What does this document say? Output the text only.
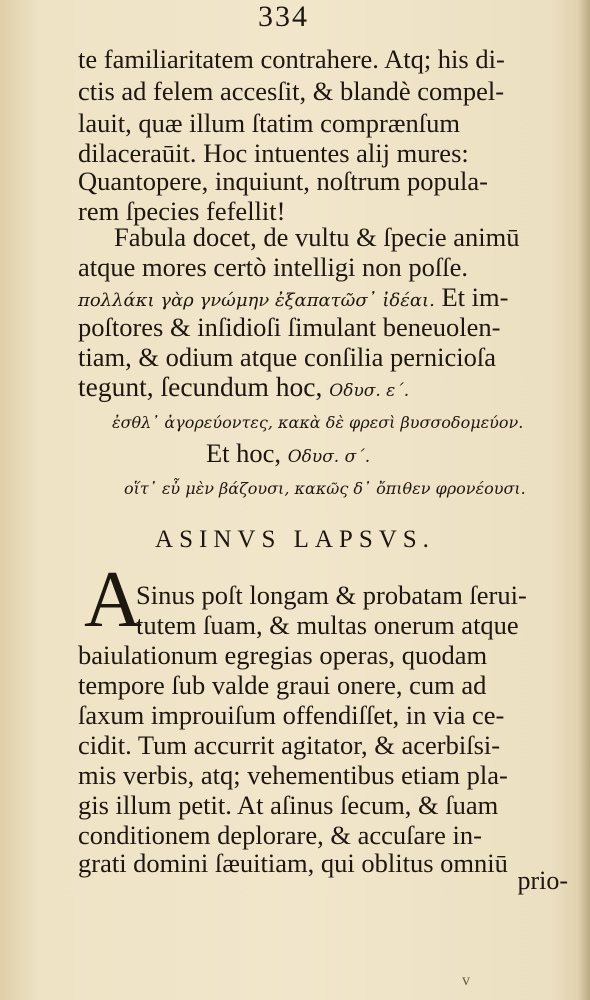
334
te familiaritatem contrahere. Atq; his di-
ctis ad felem accesſit, & blandè compel-
lauit, quæ illum ſtatim comprænſum
dilaceraūit. Hoc intuentes alij mures:
Quantopere, inquiunt, noſtrum popula-
rem ſpecies fefellit!
Fabula docet, de vultu & ſpecie animū
atque mores certò intelligi non poſſe.
πολλάκι γὰρ γνώμην ἐξαπατῶσ᾽ ἰδέαι. Et im-
poſtores & inſidioſi ſimulant beneuolen-
tiam, & odium atque conſilia pernicioſa
tegunt, ſecundum hoc, Οδυσ. ε΄.
ἐσθλ᾽ ἀγορεύοντες, κακὰ δὲ φρεσὶ βυσσοδομεύον.
Et hoc, Οδυσ. σ΄.
οἵτ᾽ εὖ μὲν βάζουσι, κακῶς δ᾽ ὄπιθεν φρονέουσι.
ASINVS LAPSVS.
A
Sinus poſt longam & probatam ſerui-
tutem ſuam, & multas onerum atque
baiulationum egregias operas, quodam
tempore ſub valde graui onere, cum ad
ſaxum improuiſum offendiſſet, in via ce-
cidit. Tum accurrit agitator, & acerbiſsi-
mis verbis, atq; vehementibus etiam pla-
gis illum petit. At aſinus ſecum, & ſuam
conditionem deplorare, & accuſare in-
grati domini ſæuitiam, qui oblitus omniū
prio-
v
